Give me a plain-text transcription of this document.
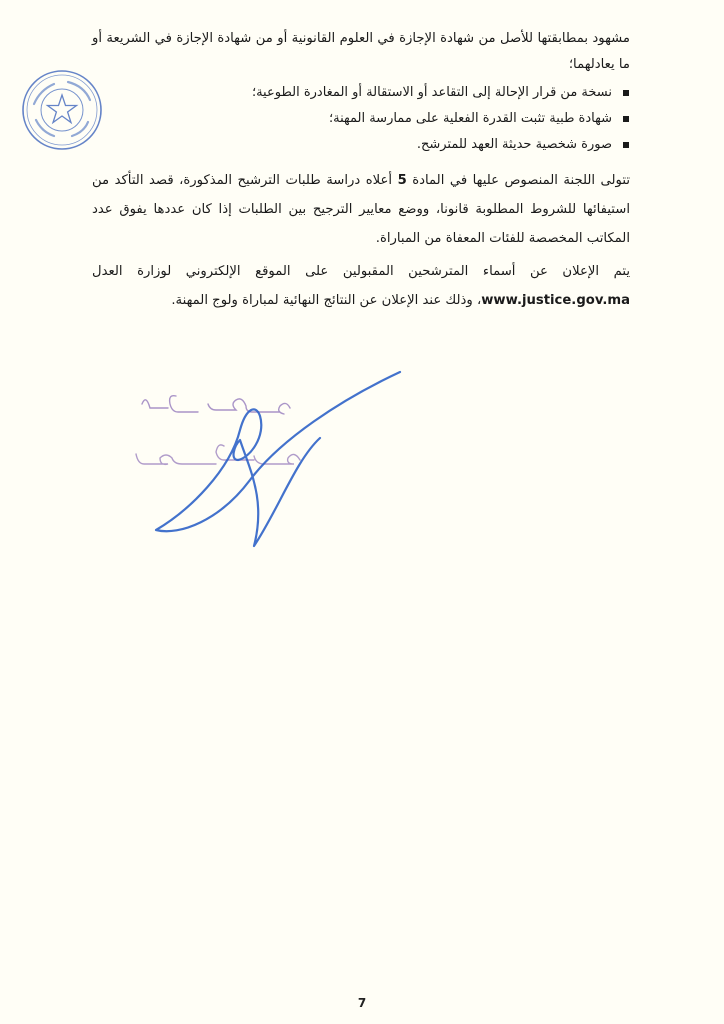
مشهود بمطابقتها للأصل من شهادة الإجازة في العلوم القانونية أو من شهادة الإجازة في الشريعة أو ما يعادلهما؛

نسخة من قرار الإحالة إلى التقاعد أو الاستقالة أو المغادرة الطوعية؛
شهادة طبية تثبت القدرة الفعلية على ممارسة المهنة؛
صورة شخصية حديثة العهد للمترشح.

تتولى اللجنة المنصوص عليها في المادة 5 أعلاه دراسة طلبات الترشيح المذكورة، قصد التأكد من استيفائها للشروط المطلوبة قانونا، ووضع معايير الترجيح بين الطلبات إذا كان عددها يفوق عدد المكاتب المخصصة للفئات المعفاة من المباراة.

يتم الإعلان عن أسماء المترشحين المقبولين على الموقع الإلكتروني لوزارة العدل www.justice.gov.ma، وذلك عند الإعلان عن النتائج النهائية لمباراة ولوج المهنة.

7
